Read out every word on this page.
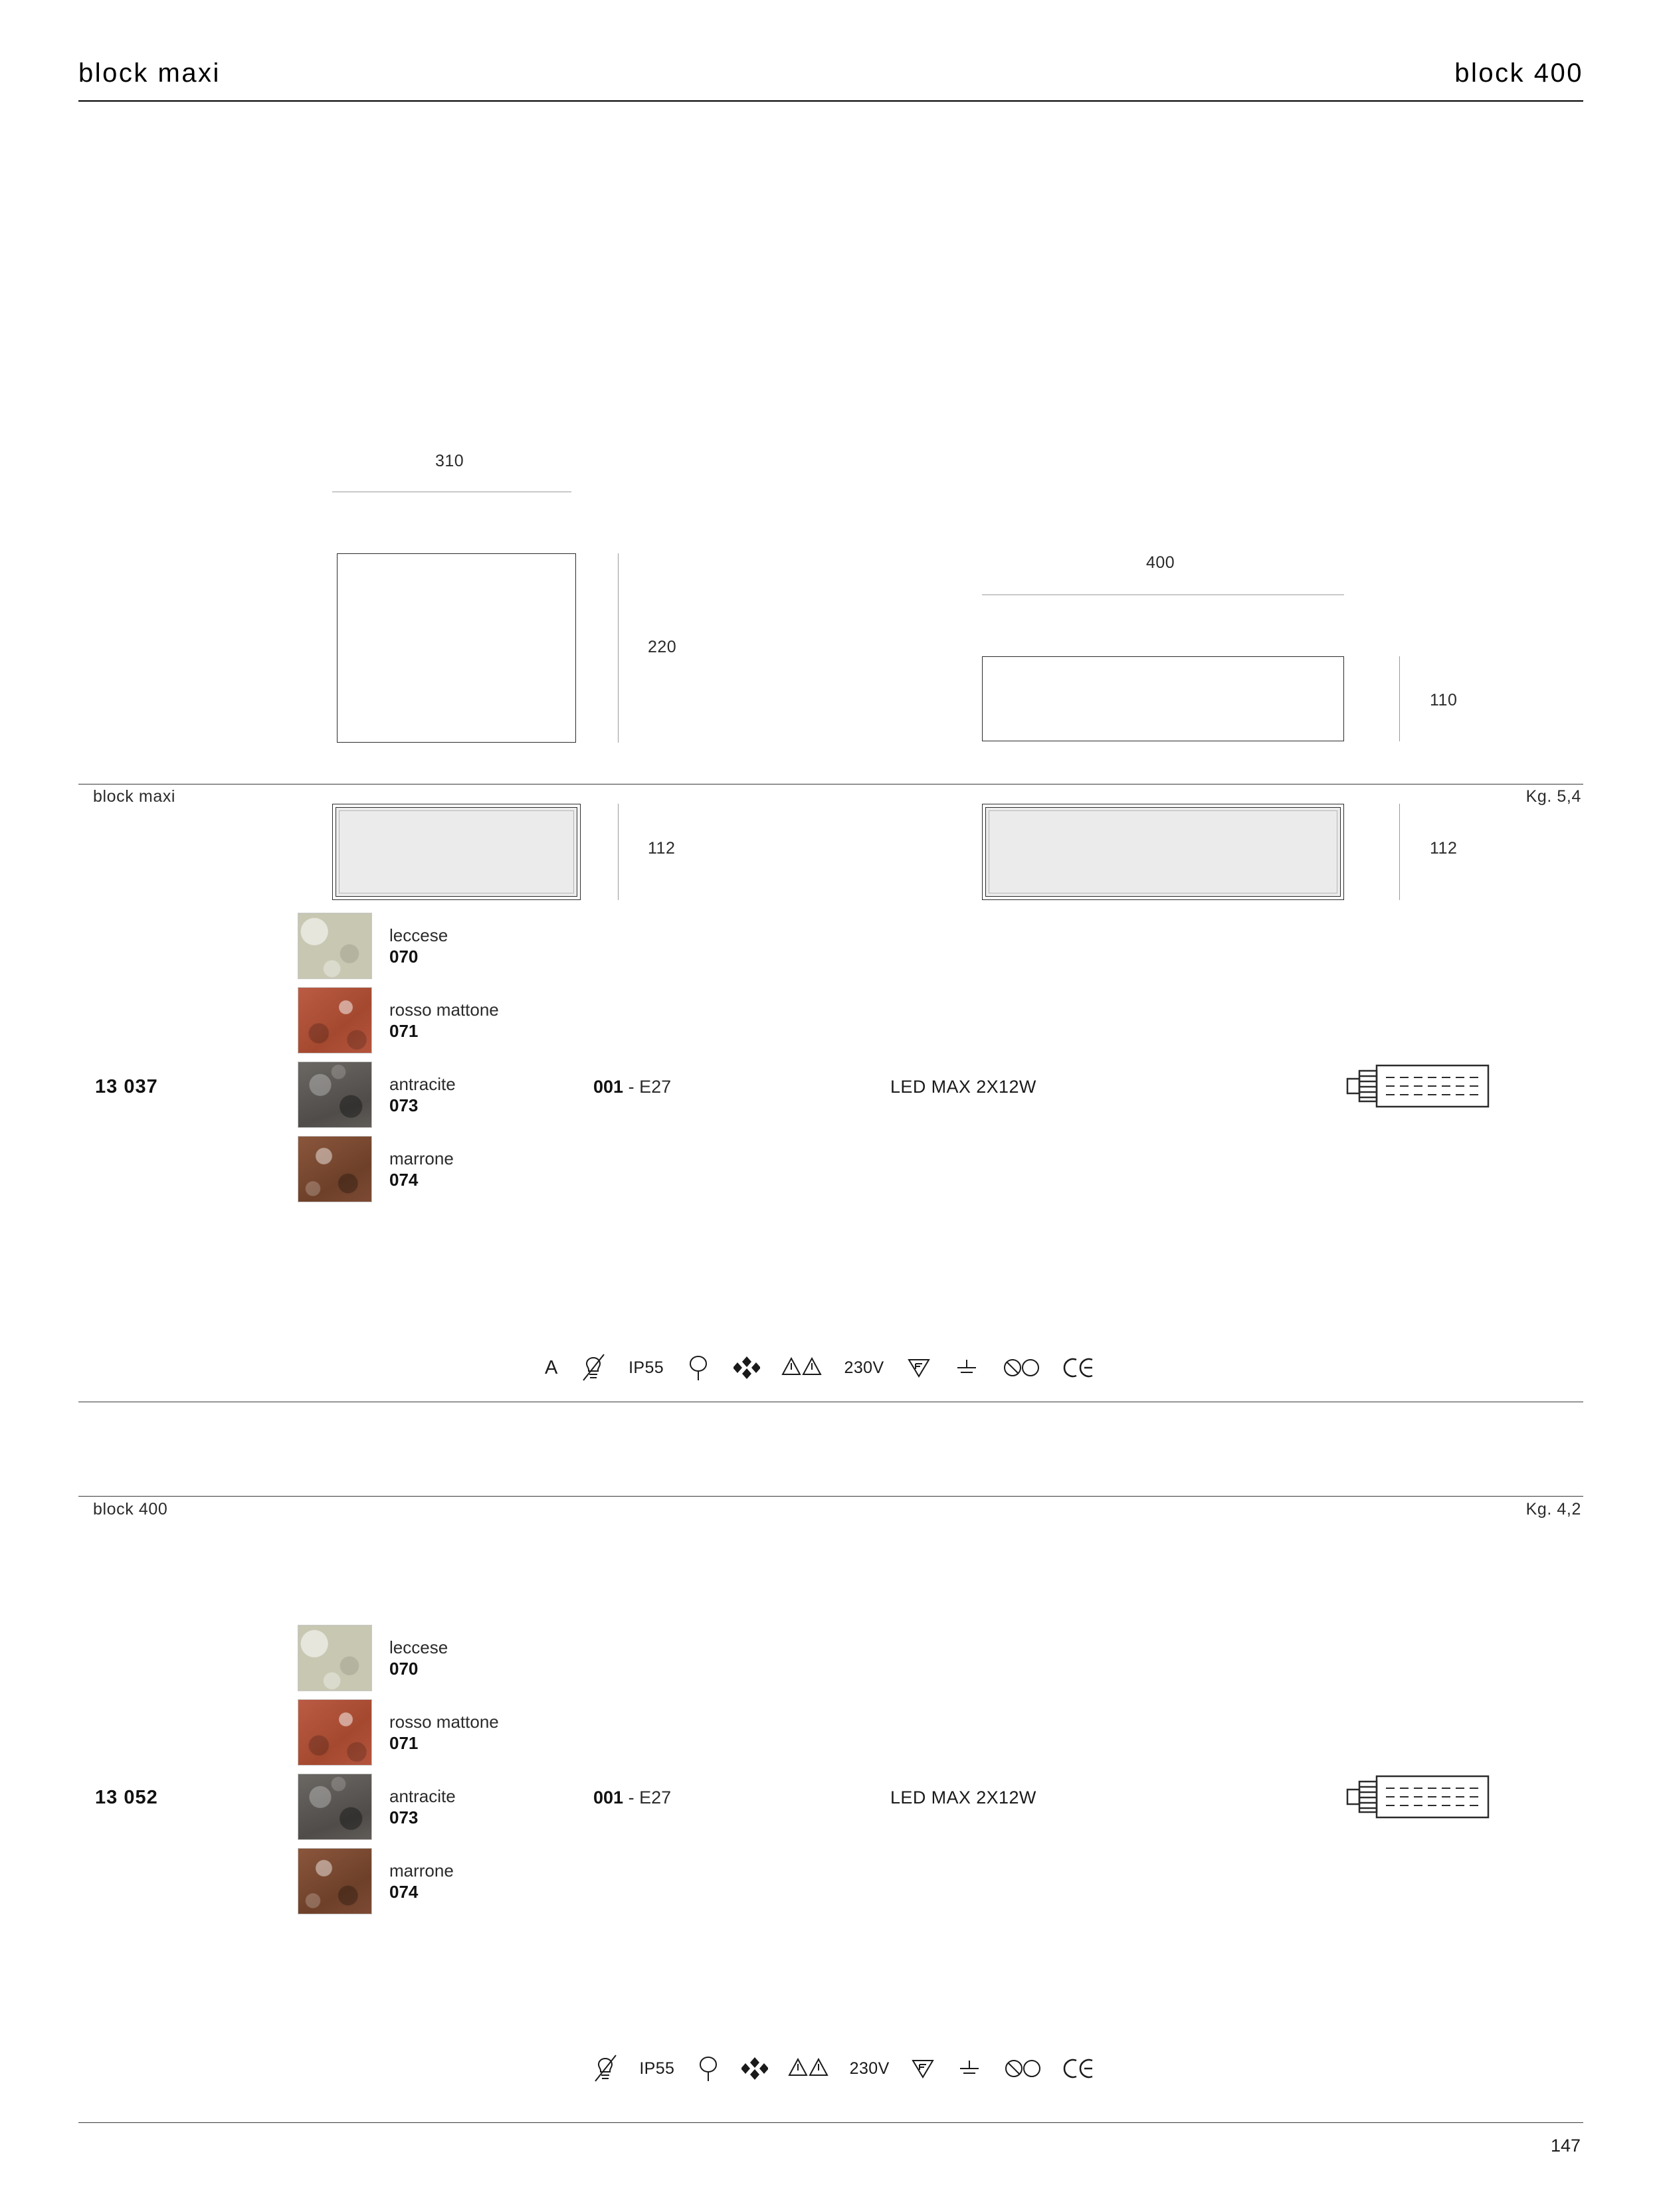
block maxi	block 400
310
220
112
400
110
112
block maxi	Kg. 5,4
13 037
leccese
070
rosso mattone
071
antracite
073
marrone
074
001 - E27	LED MAX 2X12W
A	IP55	230V
block 400	Kg. 4,2
13 052
leccese
070
rosso mattone
071
antracite
073
marrone
074
001 - E27	LED MAX 2X12W
IP55	230V
147
